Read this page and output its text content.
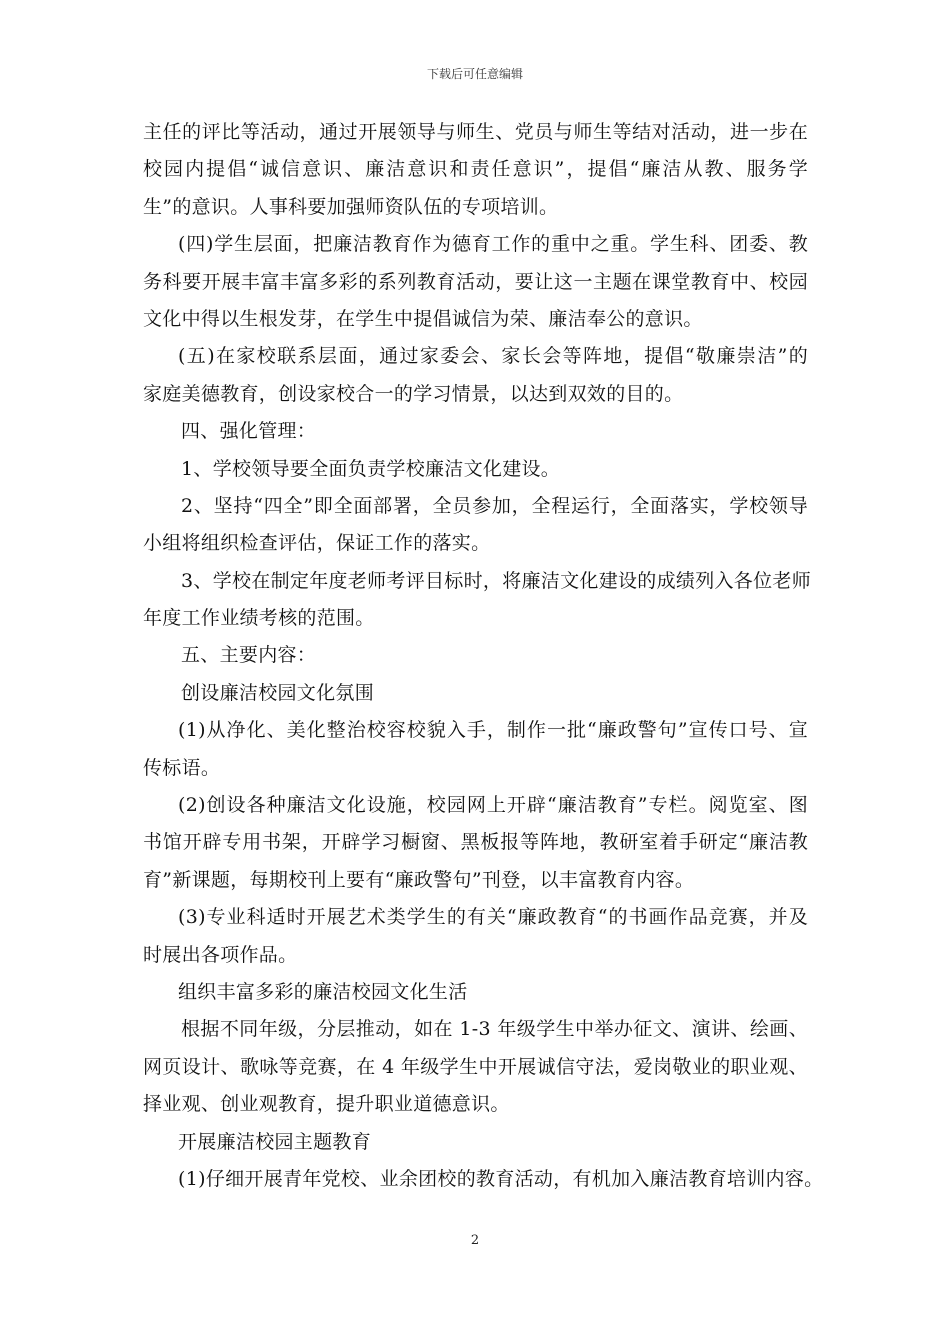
下载后可任意编辑
主任的评比等活动，通过开展领导与师生、党员与师生等结对活动，进一步在
校园内提倡“诚信意识、廉洁意识和责任意识”，提倡“廉洁从教、服务学
生”的意识。人事科要加强师资队伍的专项培训。
(四)学生层面，把廉洁教育作为德育工作的重中之重。学生科、团委、教
务科要开展丰富丰富多彩的系列教育活动，要让这一主题在课堂教育中、校园
文化中得以生根发芽，在学生中提倡诚信为荣、廉洁奉公的意识。
(五)在家校联系层面，通过家委会、家长会等阵地，提倡“敬廉崇洁”的
家庭美德教育，创设家校合一的学习情景，以达到双效的目的。
四、强化管理：
1、学校领导要全面负责学校廉洁文化建设。
2、坚持“四全”即全面部署，全员参加，全程运行，全面落实，学校领导
小组将组织检查评估，保证工作的落实。
3、学校在制定年度老师考评目标时，将廉洁文化建设的成绩列入各位老师
年度工作业绩考核的范围。
五、主要内容：
创设廉洁校园文化氛围
(1)从净化、美化整治校容校貌入手，制作一批“廉政警句”宣传口号、宣
传标语。
(2)创设各种廉洁文化设施，校园网上开辟“廉洁教育”专栏。阅览室、图
书馆开辟专用书架，开辟学习橱窗、黑板报等阵地，教研室着手研定“廉洁教
育”新课题，每期校刊上要有“廉政警句”刊登，以丰富教育内容。
(3)专业科适时开展艺术类学生的有关“廉政教育“的书画作品竞赛，并及
时展出各项作品。
组织丰富多彩的廉洁校园文化生活
根据不同年级，分层推动，如在 1-3 年级学生中举办征文、演讲、绘画、
网页设计、歌咏等竞赛，在 4 年级学生中开展诚信守法，爱岗敬业的职业观、
择业观、创业观教育，提升职业道德意识。
开展廉洁校园主题教育
(1)仔细开展青年党校、业余团校的教育活动，有机加入廉洁教育培训内容。
2
